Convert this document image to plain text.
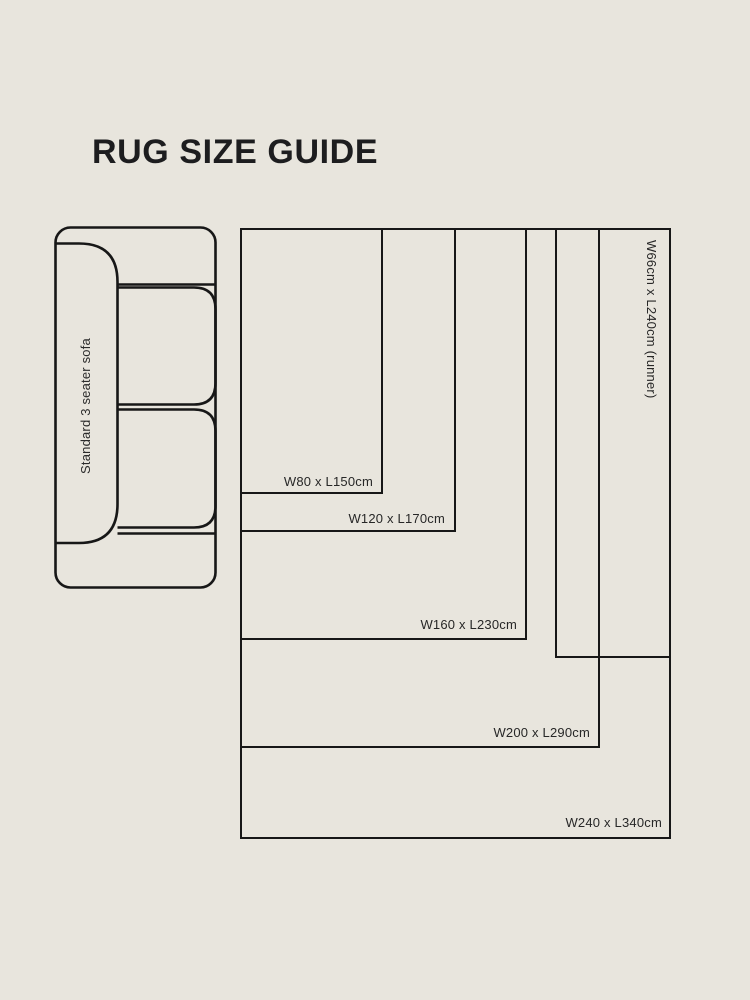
RUG SIZE GUIDE
Standard 3 seater sofa
W80 x L150cm
W120 x L170cm
W160 x L230cm
W200 x L290cm
W240 x L340cm
W66cm x L240cm (runner)
